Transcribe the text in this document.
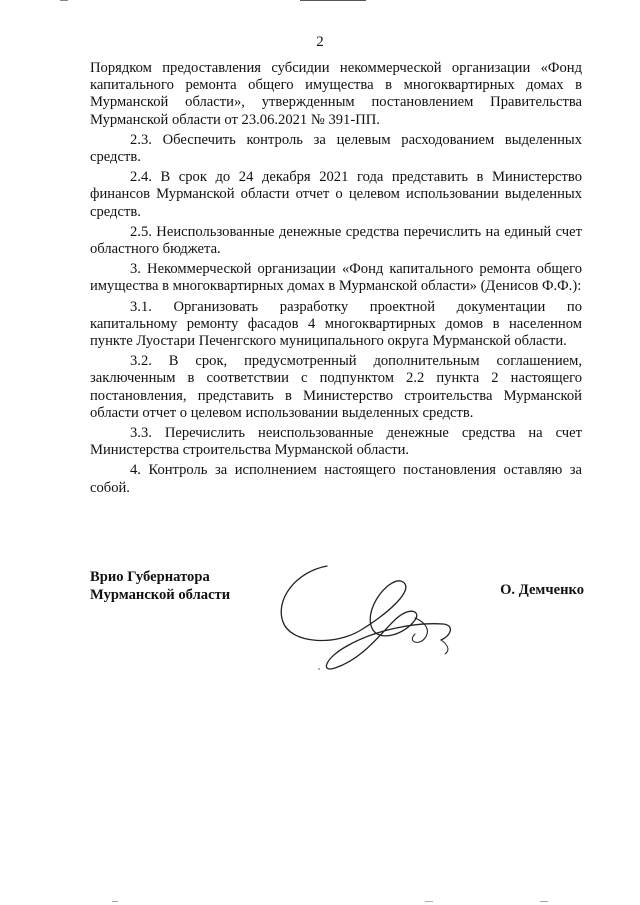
2

Порядком предоставления субсидии некоммерческой организации «Фонд капитального ремонта общего имущества в многоквартирных домах в Мурманской области», утвержденным постановлением Правительства Мурманской области от 23.06.2021 № 391-ПП.

2.3. Обеспечить контроль за целевым расходованием выделенных средств.

2.4. В срок до 24 декабря 2021 года представить в Министерство финансов Мурманской области отчет о целевом использовании выделенных средств.

2.5. Неиспользованные денежные средства перечислить на единый счет областного бюджета.

3. Некоммерческой организации «Фонд капитального ремонта общего имущества в многоквартирных домах в Мурманской области» (Денисов Ф.Ф.):

3.1. Организовать разработку проектной документации по капитальному ремонту фасадов 4 многоквартирных домов в населенном пункте Луостари Печенгского муниципального округа Мурманской области.

3.2. В срок, предусмотренный дополнительным соглашением, заключенным в соответствии с подпунктом 2.2 пункта 2 настоящего постановления, представить в Министерство строительства Мурманской области отчет о целевом использовании выделенных средств.

3.3. Перечислить неиспользованные денежные средства на счет Министерства строительства Мурманской области.

4. Контроль за исполнением настоящего постановления оставляю за собой.

Врио Губернатора
Мурманской области	О. Демченко
